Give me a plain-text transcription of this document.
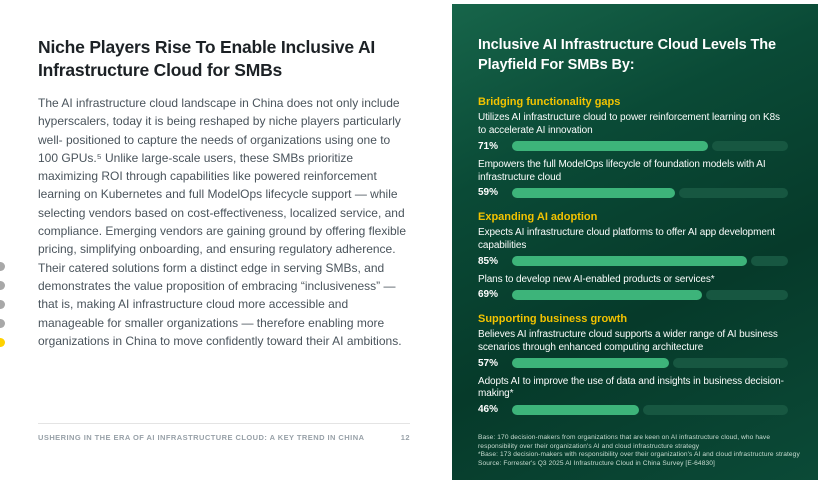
Niche Players Rise To Enable Inclusive AI Infrastructure Cloud for SMBs

The AI infrastructure cloud landscape in China does not only include hyperscalers, today it is being reshaped by niche players particularly well- positioned to capture the needs of organizations using one to 100 GPUs.⁵ Unlike large-scale users, these SMBs prioritize maximizing ROI through capabilities like powered reinforcement learning on Kubernetes and full ModelOps lifecycle support — while selecting vendors based on cost-effectiveness, localized service, and compliance. Emerging vendors are gaining ground by offering flexible pricing, simplifying onboarding, and ensuring regulatory adherence. Their catered solutions form a distinct edge in serving SMBs, and demonstrates the value proposition of embracing “inclusiveness” — that is, making AI infrastructure cloud more accessible and manageable for smaller organizations — therefore enabling more organizations in China to move confidently toward their AI ambitions.

USHERING IN THE ERA OF AI INFRASTRUCTURE CLOUD: A KEY TREND IN CHINA	12
Inclusive AI Infrastructure Cloud Levels The Playfield For SMBs By:
Bridging functionality gaps

Utilizes AI infrastructure cloud to power reinforcement learning on K8s to accelerate AI innovation

71%

Empowers the full ModelOps lifecycle of foundation models with AI infrastructure cloud

59%
Expanding AI adoption

Expects AI infrastructure cloud platforms to offer AI app development capabilities

85%

Plans to develop new AI-enabled products or services*

69%
Supporting business growth

Believes AI infrastructure cloud supports a wider range of AI business scenarios through enhanced computing architecture

57%

Adopts AI to improve the use of data and insights in business decision-making*

46%

Base: 170 decision-makers from organizations that are keen on AI infrastructure cloud, who have responsibility over their organization's AI and cloud infrastructure strategy

*Base: 173 decision-makers with responsibility over their organization's AI and cloud infrastructure strategy

Source: Forrester's Q3 2025 AI Infrastructure Cloud in China Survey [E-64830]
